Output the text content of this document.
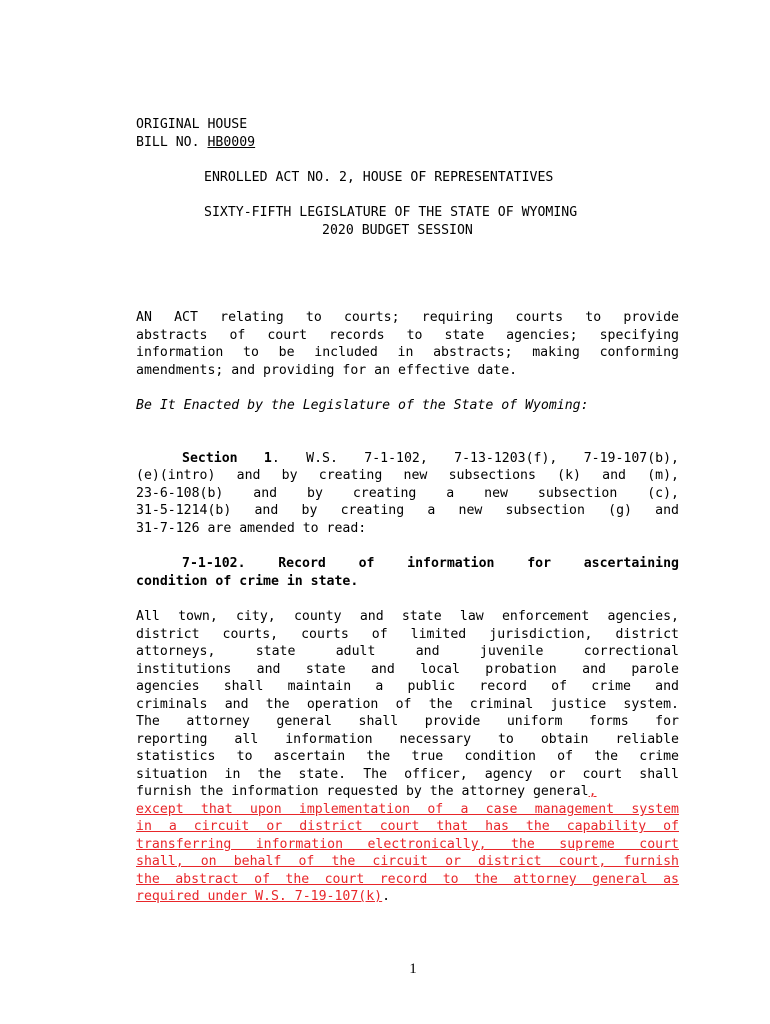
ORIGINAL HOUSE
BILL NO. HB0009
ENROLLED ACT NO. 2, HOUSE OF REPRESENTATIVES
SIXTY-FIFTH LEGISLATURE OF THE STATE OF WYOMING
2020 BUDGET SESSION
AN ACT relating to courts; requiring courts to provide
abstracts of court records to state agencies; specifying
information to be included in abstracts; making conforming
amendments; and providing for an effective date.
Be It Enacted by the Legislature of the State of Wyoming:
Section 1. W.S. 7-1-102, 7-13-1203(f), 7-19-107(b),
(e)(intro) and by creating new subsections (k) and (m),
23-6-108(b) and by creating a new subsection (c),
31-5-1214(b) and by creating a new subsection (g) and
31-7-126 are amended to read:
7-1-102. Record of information for ascertaining
condition of crime in state.
All town, city, county and state law enforcement agencies,
district courts, courts of limited jurisdiction, district
attorneys, state adult and juvenile correctional
institutions and state and local probation and parole
agencies shall maintain a public record of crime and
criminals and the operation of the criminal justice system.
The attorney general shall provide uniform forms for
reporting all information necessary to obtain reliable
statistics to ascertain the true condition of the crime
situation in the state. The officer, agency or court shall
furnish the information requested by the attorney general,
except that upon implementation of a case management system
in a circuit or district court that has the capability of
transferring information electronically, the supreme court
shall, on behalf of the circuit or district court, furnish
the abstract of the court record to the attorney general as
required under W.S. 7-19-107(k).
1
